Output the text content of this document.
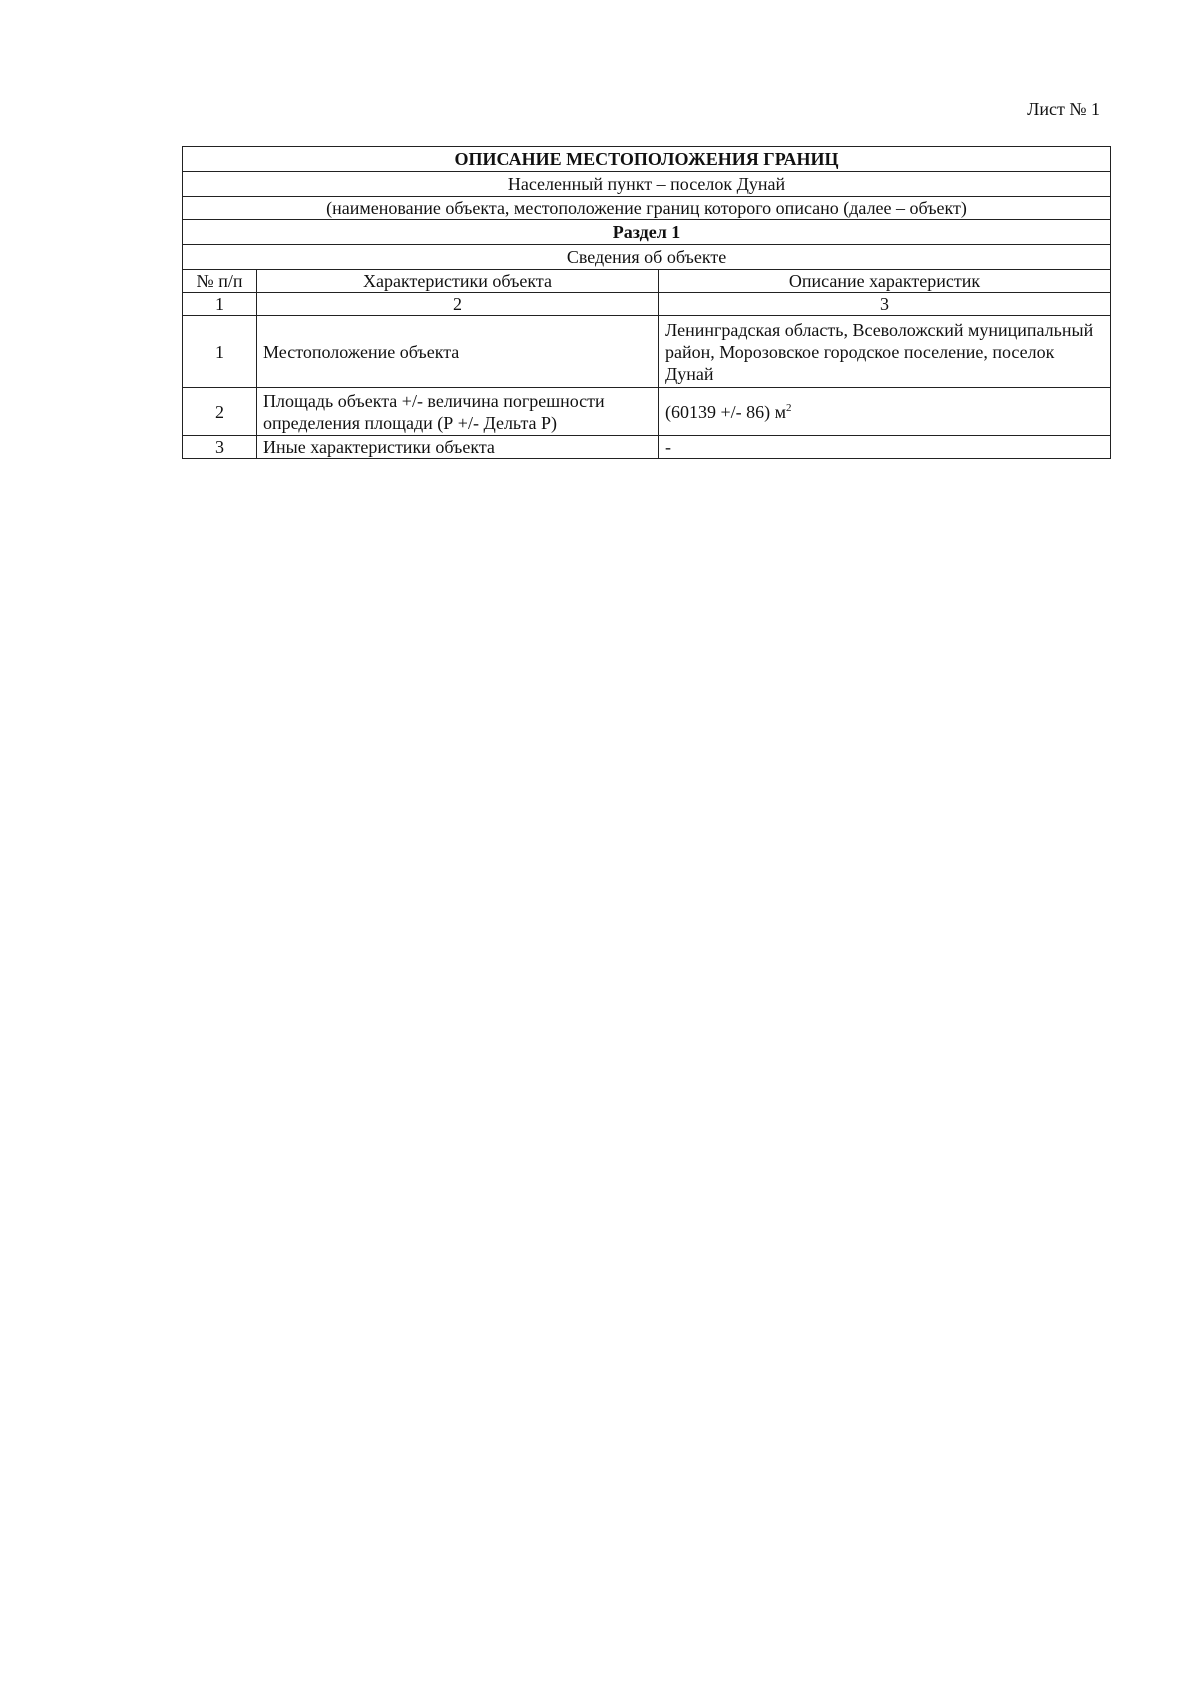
Лист № 1
ОПИСАНИЕ МЕСТОПОЛОЖЕНИЯ ГРАНИЦ		
Населенный пункт – поселок Дунай		
(наименование объекта, местоположение границ которого описано (далее – объект)		
Раздел 1		
Сведения об объекте		
№ п/п	Характеристики объекта	Описание характеристик
1	2	3
1	Местоположение объекта	Ленинградская область, Всеволожский муниципальный район, Морозовское городское поселение, поселок Дунай
2	Площадь объекта +/- величина погрешности определения площади (Р +/- Дельта Р)	(60139 +/- 86) $м^2$
3	Иные характеристики объекта	-
